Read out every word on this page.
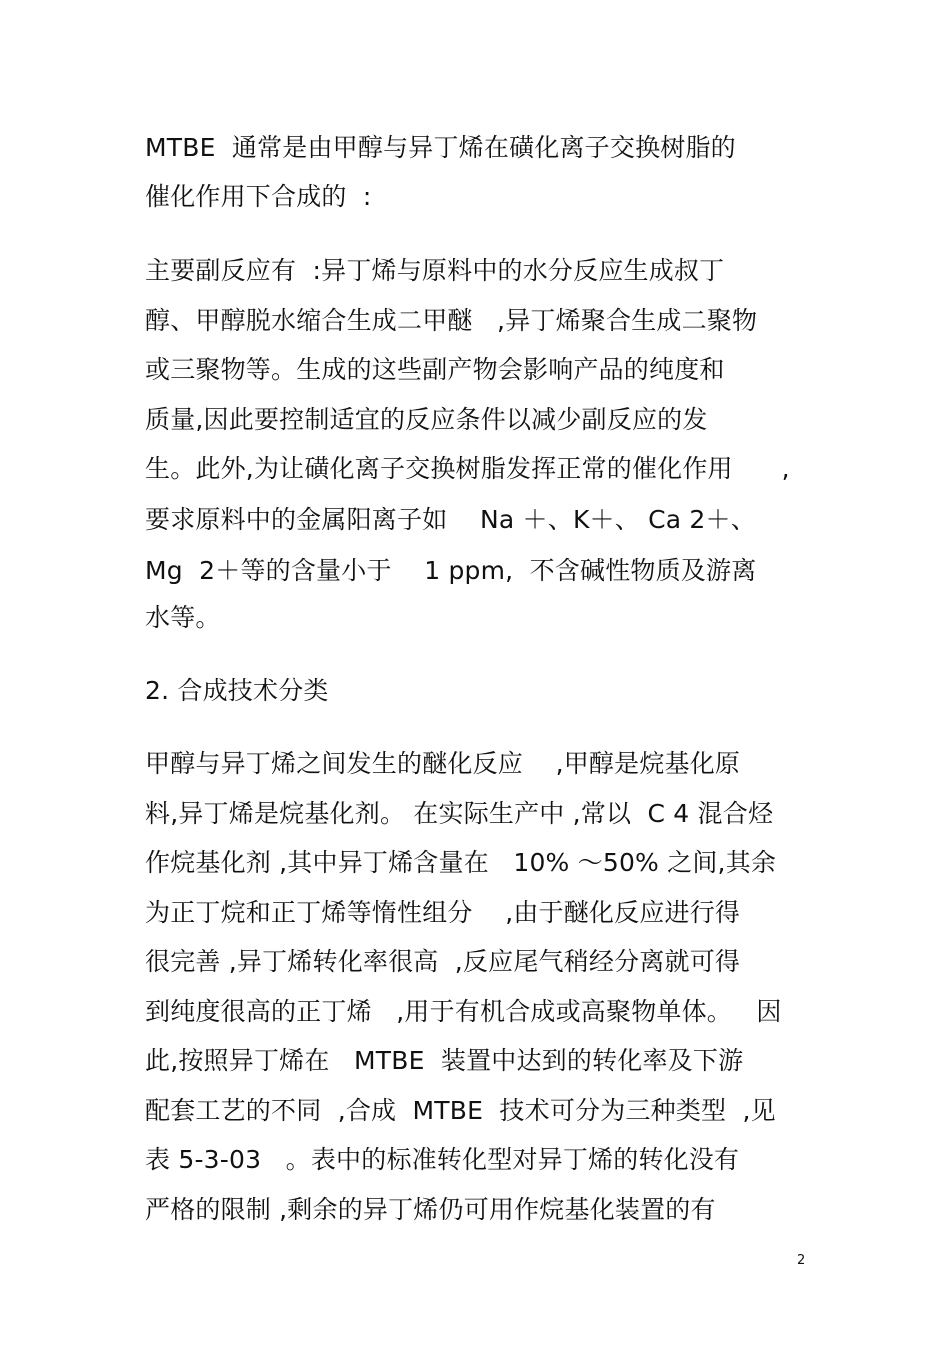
MTBE  通常是由甲醇与异丁烯在磺化离子交换树脂的
催化作用下合成的  :
主要副反应有  :异丁烯与原料中的水分反应生成叔丁
醇、甲醇脱水缩合生成二甲醚   ,异丁烯聚合生成二聚物
或三聚物等。生成的这些副产物会影响产品的纯度和
质量,因此要控制适宜的反应条件以减少副反应的发
生。此外,为让磺化离子交换树脂发挥正常的催化作用      ,
要求原料中的金属阳离子如    Na ＋、K＋、 Ca 2＋、
Mg  2＋等的含量小于    1 ppm,  不含碱性物质及游离
水等。
2. 合成技术分类
甲醇与异丁烯之间发生的醚化反应    ,甲醇是烷基化原
料,异丁烯是烷基化剂。 在实际生产中 ,常以  C 4 混合烃
作烷基化剂 ,其中异丁烯含量在   10% ～50% 之间,其余
为正丁烷和正丁烯等惰性组分    ,由于醚化反应进行得
很完善 ,异丁烯转化率很高  ,反应尾气稍经分离就可得
到纯度很高的正丁烯   ,用于有机合成或高聚物单体。   因
此,按照异丁烯在   MTBE  装置中达到的转化率及下游
配套工艺的不同  ,合成  MTBE  技术可分为三种类型  ,见
表 5-3-03   。表中的标准转化型对异丁烯的转化没有
严格的限制 ,剩余的异丁烯仍可用作烷基化装置的有
2
